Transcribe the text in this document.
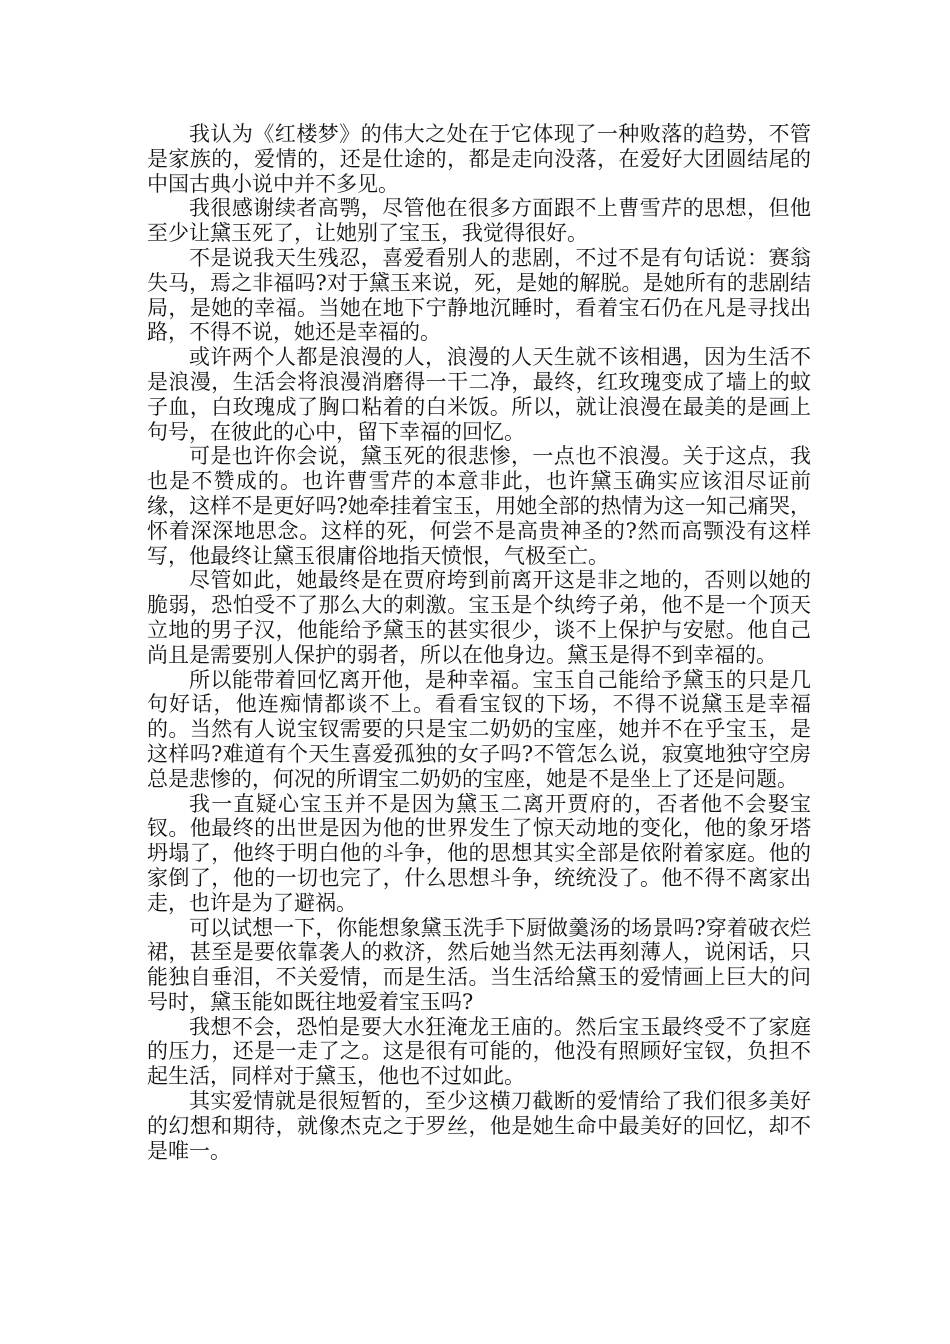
我认为《红楼梦》的伟大之处在于它体现了一种败落的趋势，不管是家族的，爱情的，还是仕途的，都是走向没落，在爱好大团圆结尾的中国古典小说中并不多见。

我很感谢续者高鹗，尽管他在很多方面跟不上曹雪芹的思想，但他至少让黛玉死了，让她别了宝玉，我觉得很好。

不是说我天生残忍，喜爱看别人的悲剧，不过不是有句话说：赛翁失马，焉之非福吗?对于黛玉来说，死，是她的解脱。是她所有的悲剧结局，是她的幸福。当她在地下宁静地沉睡时，看着宝石仍在凡是寻找出路，不得不说，她还是幸福的。

或许两个人都是浪漫的人，浪漫的人天生就不该相遇，因为生活不是浪漫，生活会将浪漫消磨得一干二净，最终，红玫瑰变成了墙上的蚊子血，白玫瑰成了胸口粘着的白米饭。所以，就让浪漫在最美的是画上句号，在彼此的心中，留下幸福的回忆。

可是也许你会说，黛玉死的很悲惨，一点也不浪漫。关于这点，我也是不赞成的。也许曹雪芹的本意非此，也许黛玉确实应该泪尽证前缘，这样不是更好吗?她牵挂着宝玉，用她全部的热情为这一知己痛哭，怀着深深地思念。这样的死，何尝不是高贵神圣的?然而高颚没有这样写，他最终让黛玉很庸俗地指天愤恨，气极至亡。

尽管如此，她最终是在贾府垮到前离开这是非之地的，否则以她的脆弱，恐怕受不了那么大的刺激。宝玉是个纨绔子弟，他不是一个顶天立地的男子汉，他能给予黛玉的甚实很少，谈不上保护与安慰。他自己尚且是需要别人保护的弱者，所以在他身边。黛玉是得不到幸福的。

所以能带着回忆离开他，是种幸福。宝玉自己能给予黛玉的只是几句好话，他连痴情都谈不上。看看宝钗的下场，不得不说黛玉是幸福的。当然有人说宝钗需要的只是宝二奶奶的宝座，她并不在乎宝玉，是这样吗?难道有个天生喜爱孤独的女子吗?不管怎么说，寂寞地独守空房总是悲惨的，何况的所谓宝二奶奶的宝座，她是不是坐上了还是问题。

我一直疑心宝玉并不是因为黛玉二离开贾府的，否者他不会娶宝钗。他最终的出世是因为他的世界发生了惊天动地的变化，他的象牙塔坍塌了，他终于明白他的斗争，他的思想其实全部是依附着家庭。他的家倒了，他的一切也完了，什么思想斗争，统统没了。他不得不离家出走，也许是为了避祸。

可以试想一下，你能想象黛玉洗手下厨做羹汤的场景吗?穿着破衣烂裙，甚至是要依靠袭人的救济，然后她当然无法再刻薄人，说闲话，只能独自垂泪，不关爱情，而是生活。当生活给黛玉的爱情画上巨大的问号时，黛玉能如既往地爱着宝玉吗?

我想不会，恐怕是要大水狂淹龙王庙的。然后宝玉最终受不了家庭的压力，还是一走了之。这是很有可能的，他没有照顾好宝钗，负担不起生活，同样对于黛玉，他也不过如此。

其实爱情就是很短暂的，至少这横刀截断的爱情给了我们很多美好的幻想和期待，就像杰克之于罗丝，他是她生命中最美好的回忆，却不是唯一。
